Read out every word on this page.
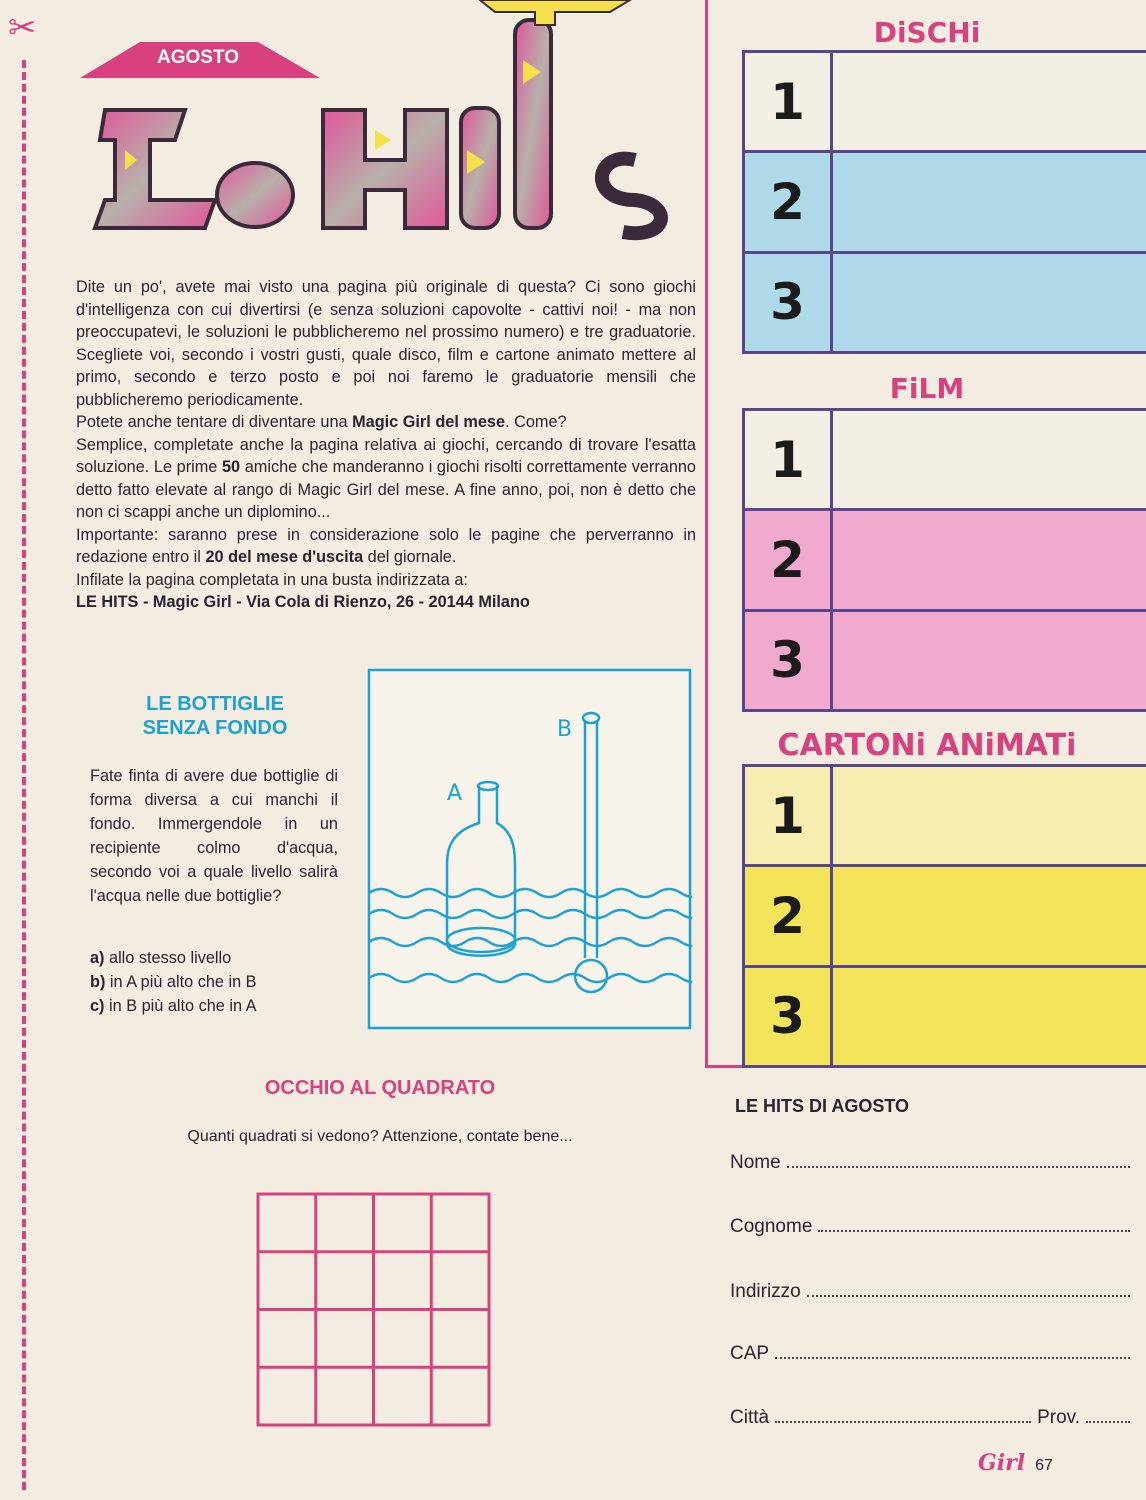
✂
AGOSTO
Le Hits

Dite un po', avete mai visto una pagina più originale di questa? Ci sono giochi d'intelligenza con cui divertirsi (e senza soluzioni capovolte - cattivi noi! - ma non preoccupatevi, le soluzioni le pubblicheremo nel prossimo numero) e tre graduatorie. Scegliete voi, secondo i vostri gusti, quale disco, film e cartone animato mettere al primo, secondo e terzo posto e poi noi faremo le graduatorie mensili che pubblicheremo periodicamente.

Potete anche tentare di diventare una Magic Girl del mese. Come?

Semplice, completate anche la pagina relativa ai giochi, cercando di trovare l'esatta soluzione. Le prime 50 amiche che manderanno i giochi risolti correttamente verranno detto fatto elevate al rango di Magic Girl del mese. A fine anno, poi, non è detto che non ci scappi anche un diplomino...

Importante: saranno prese in considerazione solo le pagine che perverranno in redazione entro il 20 del mese d'uscita del giornale.

Infilate la pagina completata in una busta indirizzata a:

LE HITS - Magic Girl - Via Cola di Rienzo, 26 - 20144 Milano

LE BOTTIGLIE
SENZA FONDO
Fate finta di avere due bottiglie di forma diversa a cui manchi il fondo. Immergendole in un recipiente colmo d'acqua, secondo voi a quale livello salirà l'acqua nelle due bottiglie?
a) allo stesso livello
b) in A più alto che in B
c) in B più alto che in A
A
B
OCCHIO AL QUADRATO
Quanti quadrati si vedono? Attenzione, contate bene...
DiSCHi
1
2
3
FiLM
1
2
3
CARTONi ANiMATi
1
2
3
LE HITS DI AGOSTO
Nome
Cognome
Indirizzo
CAP
Città	Prov.
Girl 67
